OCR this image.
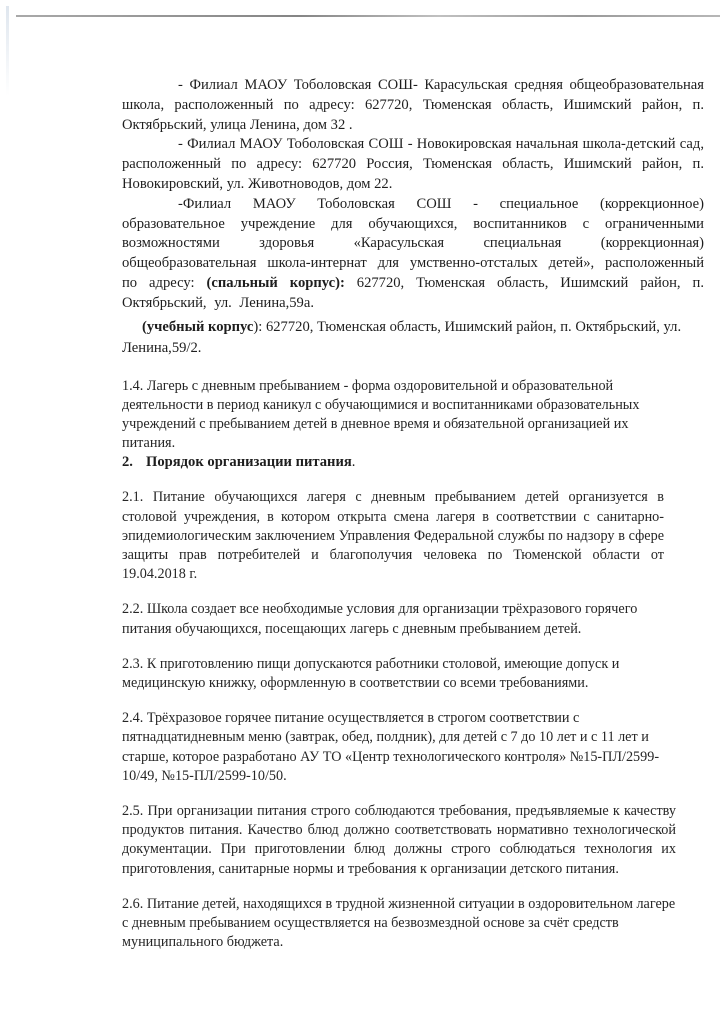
- Филиал МАОУ Тоболовская СОШ- Карасульская средняя общеобразовательная школа, расположенный по адресу: 627720, Тюменская область, Ишимский район, п. Октябрьский, улица Ленина, дом 32 .

- Филиал МАОУ Тоболовская СОШ - Новокировская начальная школа-детский сад, расположенный по адресу: 627720 Россия, Тюменская область, Ишимский район, п. Новокировский, ул. Животноводов, дом 22.

-Филиал МАОУ Тоболовская СОШ - специальное (коррекционное) образовательное учреждение для обучающихся, воспитанников с ограниченными возможностями здоровья «Карасульская специальная (коррекционная) общеобразовательная школа-интернат для умственно-отсталых детей», расположенный по адресу: (спальный корпус): 627720, Тюменская область, Ишимский район, п. Октябрьский, ул. Ленина,59а.

(учебный корпус): 627720, Тюменская область, Ишимский район, п. Октябрьский, ул. Ленина,59/2.

1.4. Лагерь с дневным пребыванием - форма оздоровительной и образовательной деятельности в период каникул с обучающимися и воспитанниками образовательных учреждений с пребыванием детей в дневное время и обязательной организацией их питания.

2. Порядок организации питания.

2.1. Питание обучающихся лагеря с дневным пребыванием детей организуется в столовой учреждения, в котором открыта смена лагеря в соответствии с санитарно-эпидемиологическим заключением Управления Федеральной службы по надзору в сфере защиты прав потребителей и благополучия человека по Тюменской области от 19.04.2018 г.

2.2. Школа создает все необходимые условия для организации трёхразового горячего питания обучающихся, посещающих лагерь с дневным пребыванием детей.

2.3. К приготовлению пищи допускаются работники столовой, имеющие допуск и медицинскую книжку, оформленную в соответствии со всеми требованиями.

2.4. Трёхразовое горячее питание осуществляется в строгом соответствии с пятнадцатидневным меню (завтрак, обед, полдник), для детей с 7 до 10 лет и с 11 лет и старше, которое разработано АУ ТО «Центр технологического контроля» №15-ПЛ/2599-10/49, №15-ПЛ/2599-10/50.

2.5. При организации питания строго соблюдаются требования, предъявляемые к качеству продуктов питания. Качество блюд должно соответствовать нормативно технологической документации. При приготовлении блюд должны строго соблюдаться технология их приготовления, санитарные нормы и требования к организации детского питания.

2.6. Питание детей, находящихся в трудной жизненной ситуации в оздоровительном лагере с дневным пребыванием осуществляется на безвозмездной основе за счёт средств муниципального бюджета.
